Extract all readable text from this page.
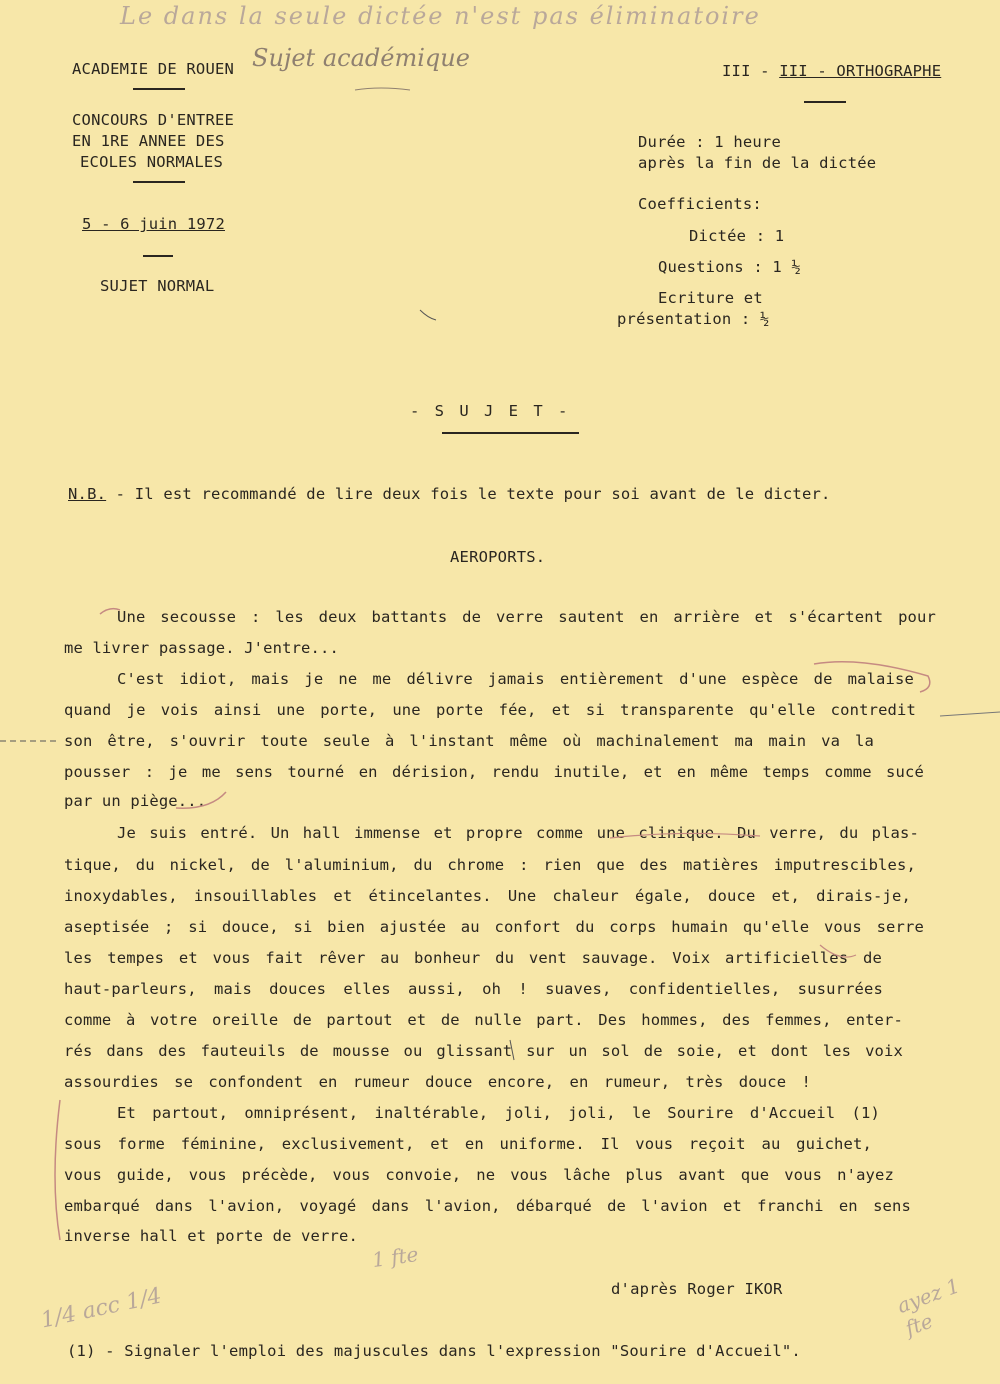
Le dans la seule dictée n'est pas éliminatoire
Sujet académique
1 fte
1/4 acc 1/4	ayez 1 fte
ACADEMIE DE ROUEN
CONCOURS D'ENTREE
EN 1RE ANNEE DES
ECOLES NORMALES
5 - 6 juin 1972
SUJET NORMAL
III - III - ORTHOGRAPHE
Durée : 1 heure
après la fin de la dictée
Coefficients:
Dictée : 1
Questions : 1 ½
Ecriture et
présentation : ½
- S U J E T -
N.B. - Il est recommandé de lire deux fois le texte pour soi avant de le dicter.
AEROPORTS.
Une secousse : les deux battants de verre sautent en arrière et s'écartent pour
me livrer passage. J'entre...
C'est idiot, mais je ne me délivre jamais entièrement d'une espèce de malaise
quand je vois ainsi une porte, une porte fée, et si transparente qu'elle contredit
son être, s'ouvrir toute seule à l'instant même où machinalement ma main va la
pousser : je me sens tourné en dérision, rendu inutile, et en même temps comme sucé
par un piège...
Je suis entré. Un hall immense et propre comme une clinique. Du verre, du plas-
tique, du nickel, de l'aluminium, du chrome : rien que des matières imputrescibles,
inoxydables, insouillables et étincelantes. Une chaleur égale, douce et, dirais-je,
aseptisée ; si douce, si bien ajustée au confort du corps humain qu'elle vous serre
les tempes et vous fait rêver au bonheur du vent sauvage. Voix artificielles de
haut-parleurs, mais douces elles aussi, oh ! suaves, confidentielles, susurrées
comme à votre oreille de partout et de nulle part. Des hommes, des femmes, enter-
rés dans des fauteuils de mousse ou glissant sur un sol de soie, et dont les voix
assourdies se confondent en rumeur douce encore, en rumeur, très douce !
Et partout, omniprésent, inaltérable, joli, joli, le Sourire d'Accueil (1)
sous forme féminine, exclusivement, et en uniforme. Il vous reçoit au guichet,
vous guide, vous précède, vous convoie, ne vous lâche plus avant que vous n'ayez
embarqué dans l'avion, voyagé dans l'avion, débarqué de l'avion et franchi en sens
inverse hall et porte de verre.
d'après Roger IKOR
(1) - Signaler l'emploi des majuscules dans l'expression "Sourire d'Accueil".
